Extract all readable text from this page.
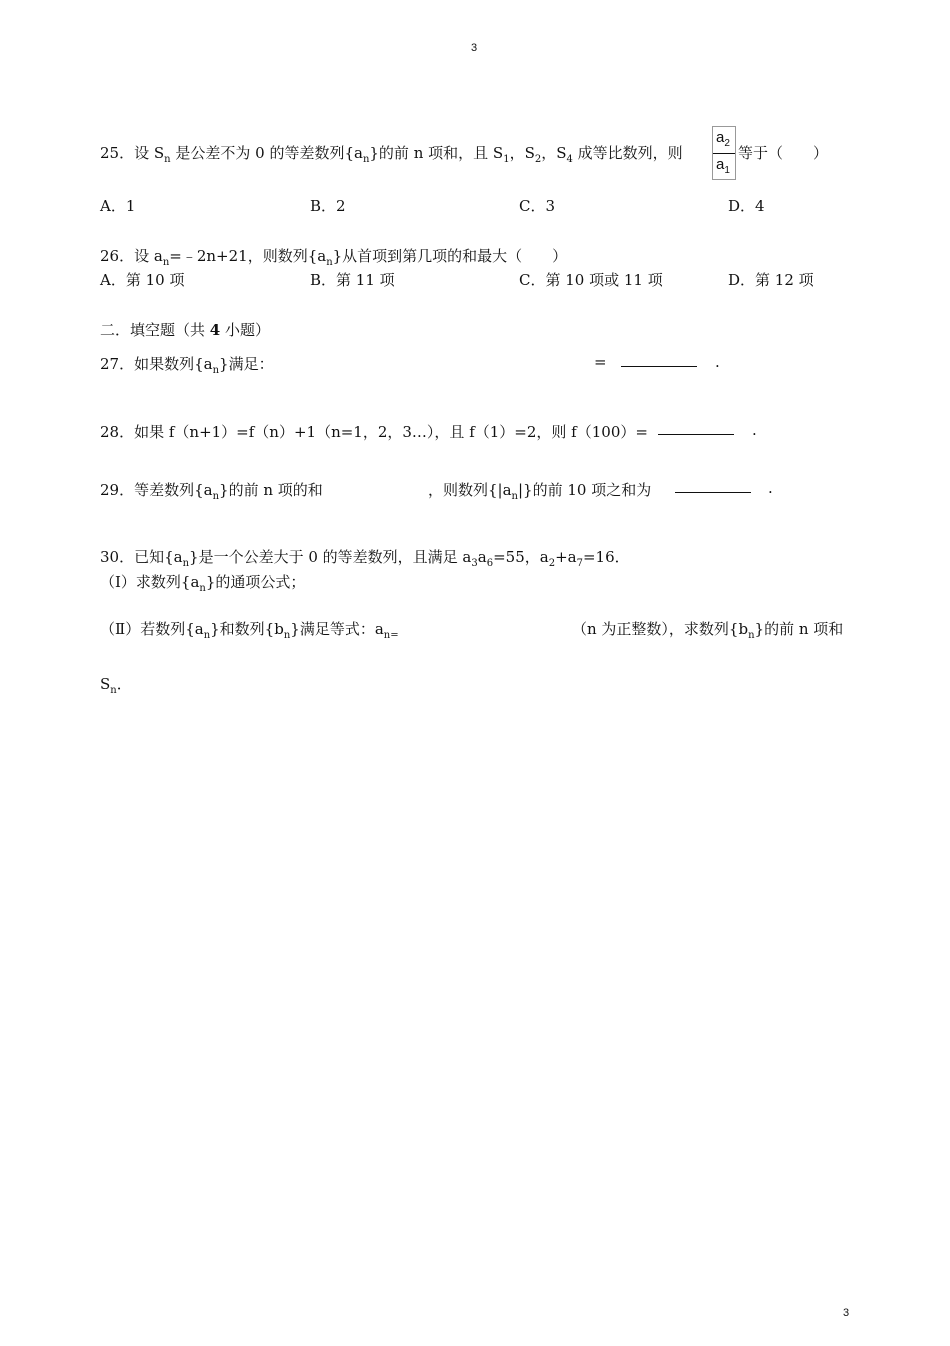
3
3
25．设 $S_n$ 是公差不为 0 的等差数列$\{a_n\}$的前 n 项和，且 $S_1$，$S_2$，$S_4$ 成等比数列，则
$a_2$
$a_1$
等于（　　）
A．1	B．2	C．3	D．4
26．设 $a_n=﹣2n+21$，则数列$\{a_n\}$从首项到第几项的和最大（　　）
A．第 10 项	B．第 11 项	C．第 10 项或 11 项	D．第 12 项
二．填空题（共 4 小题）
27．如果数列$\{a_n\}$满足：	=	.
28．如果 f（n+1）=f（n）+1（n=1，2，3…），且 f（1）=2，则 f（100）=	.
29．等差数列$\{a_n\}$的前 n 项的和	，则数列$\{|a_n|\}$的前 10 项之和为	.
30．已知$\{a_n\}$是一个公差大于 0 的等差数列，且满足 $a_3a_6=55$，$a_2+a_7=16$．
（Ⅰ）求数列$\{a_n\}$的通项公式；
（Ⅱ）若数列$\{a_n\}$和数列$\{b_n\}$满足等式：$a_{n=}$	（n 为正整数），求数列$\{b_n\}$的前 n 项和
$S_n$．
